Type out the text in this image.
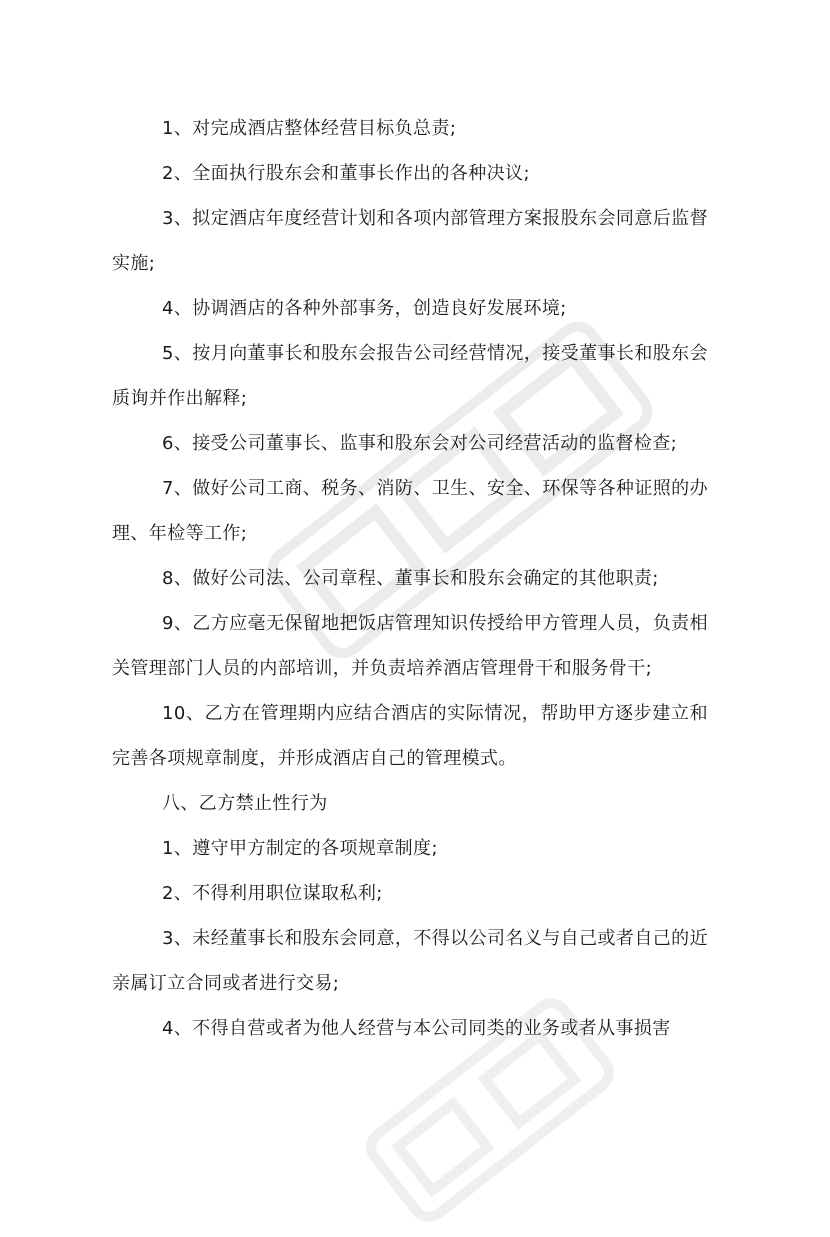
1、对完成酒店整体经营目标负总责;

2、全面执行股东会和董事长作出的各种决议;

3、拟定酒店年度经营计划和各项内部管理方案报股东会同意后监督实施;

4、协调酒店的各种外部事务，创造良好发展环境;

5、按月向董事长和股东会报告公司经营情况，接受董事长和股东会质询并作出解释;

6、接受公司董事长、监事和股东会对公司经营活动的监督检查;

7、做好公司工商、税务、消防、卫生、安全、环保等各种证照的办理、年检等工作;

8、做好公司法、公司章程、董事长和股东会确定的其他职责;

9、乙方应毫无保留地把饭店管理知识传授给甲方管理人员，负责相关管理部门人员的内部培训，并负责培养酒店管理骨干和服务骨干;

10、乙方在管理期内应结合酒店的实际情况，帮助甲方逐步建立和完善各项规章制度，并形成酒店自己的管理模式。

八、乙方禁止性行为

1、遵守甲方制定的各项规章制度;

2、不得利用职位谋取私利;

3、未经董事长和股东会同意，不得以公司名义与自己或者自己的近亲属订立合同或者进行交易;

4、不得自营或者为他人经营与本公司同类的业务或者从事损害
